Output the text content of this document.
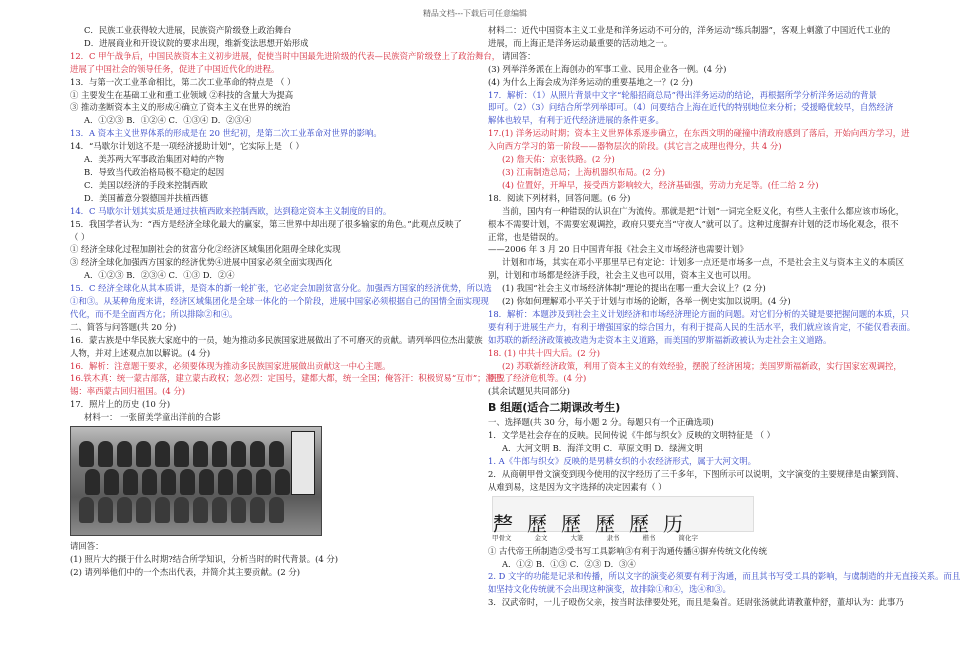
精品文档---下载后可任意编辑
C．民族工业获得较大进展，民族资产阶级登上政治舞台
D．进展商业和开设议院的要求出现，维新变法思想开始形成
12．C 甲午战争后，中国民族资本主义初步进展，促使当时中国最先进阶级的代表—民族资产阶级登上了政治舞台，
进展了中国社会的领导任务，促进了中国近代化的进程。
13．与第一次工业革命相比，第二次工业革命的特点是 （ ）
① 主要发生在基础工业和重工业领域 ②科技的含量大为提高
③ 推动垄断资本主义的形成④确立了资本主义在世界的统治
A．①②③ B．①②④ C．①③④ D．②③④
13．A 资本主义世界体系的形成是在 20 世纪初，是第二次工业革命对世界的影响。
14．“马歇尔计划这不是一项经济援助计划”，它实际上是 （ ）
A．美苏两大军事政治集团对峙的产物
B．导致当代政治格局极不稳定的起因
C．美国以经济的手段来控制西欧
D．美国蓄意分裂德国并扶植西德
14．C 马歇尔计划其实质是通过扶植西欧来控制西欧，达到稳定资本主义制度的目的。
15．我国学者认为：“西方是经济全球化最大的赢家，第三世界中却出现了很多输家的角色。”此观点反映了
（ ）
① 经济全球化过程加剧社会的贫富分化②经济区域集团化阻碍全球化实现
③ 经济全球化加强西方国家的经济优势④进展中国家必须全面实现西化
A．①②③ B．②③④ C．①③ D．②④
15．C 经济全球化从其本质讲，是资本的新一轮扩张，它必定会加剧贫富分化。加强西方国家的经济优势，所以选
①和③。从某种角度来讲，经济区域集团化是全球一体化的一个阶段，进展中国家必须根据自己的国情全面实现现
代化，而不是全面西方化；所以排除②和④。
二、简答与问答题(共 20 分)
16．蒙古族是中华民族大家庭中的一员，她为推动多民族国家进展做出了不可磨灭的贡献。请列举四位杰出蒙族
人物，并对上述观点加以解说。(4 分)
16．解析：注意题干要求，必须要体现为推动多民族国家进展做出贡献这一中心主题。
16.铁木真：统一蒙古部落，建立蒙古政权；忽必烈：定国号，建都大都，统一全国；俺答汗：积极贸易“互市”；渥巴
锡：率西蒙古回归祖国。(4 分)
17．照片上的历史 (10 分)
材料一： 一张留美学童出洋前的合影
请回答：
(1) 照片大约摄于什么时期?结合所学知识，分析当时的时代背景。(4 分)
(2) 请列举他们中的一个杰出代表，并简介其主要贡献。(2 分)
材料二：近代中国资本主义工业是和洋务运动不可分的，洋务运动“练兵制器”，客观上刺激了中国近代工业的
进展，而上海正是洋务运动最重要的活动地之一。
请回答：
(3) 列举洋务派在上海创办的军事工业、民用企业各一例。(4 分)
(4) 为什么上海会成为洋务运动的重要基地之一？(2 分)
17．解析：（1）从照片背景中文字“轮船招商总局”得出洋务运动的结论，再根据所学分析洋务运动的背景
即可。（2）（3）问结合所学列举即可。（4）问要结合上海在近代的特别地位来分析；受援略优较早，自然经济
解体也较早，有利于近代经济进展的条件更多。
17.(1) 洋务运动时期；资本主义世界体系逐步确立，在东西文明的碰撞中清政府感到了落后，开始向西方学习，进
入向西方学习的第一阶段——器物层次的阶段。(其它言之成理也得分，共 4 分)
(2) 詹天佑：京张铁路。(2 分)
(3) 江南制造总局；上海机器织布局。(2 分)
(4) 位置好，开埠早，接受西方影响较大，经济基础强，劳动力充足等。(任二给 2 分)
18．阅读下列材料，回答问题。(6 分)
当前，国内有一种错误的认识在广为流传。那就是把“计划”一词完全贬义化，有些人主张什么都应该市场化，
根本不需要计划，不需要宏观调控，政府只要充当“守夜人”就可以了。这种过度摒弃计划的泛市场化观念，很不
正常，也是错误的。
——2006 年 3 月 20 日中国青年报《社会主义市场经济也需要计划》
计划和市场，其实在邓小平那里早已有定论：计划多一点还是市场多一点，不是社会主义与资本主义的本质区
别，计划和市场都是经济手段，社会主义也可以用，资本主义也可以用。
(1) 我国“社会主义市场经济体制”理论的提出在哪一重大会议上？(2 分)
(2) 你如何理解邓小平关于计划与市场的论断，各举一例史实加以说明。(4 分)
18．解析：本题涉及到社会主义计划经济和市场经济理论方面的问题。对它们分析的关键是要把握问题的本质，只
要有利于进展生产力，有利于增强国家的综合国力，有利于提高人民的生活水平，我们就应该肯定，不能仅看表面。
如苏联的新经济政策被改造为走资本主义道路，而美国的罗斯福新政被认为走社会主义道路。
18. (1) 中共十四大后。(2 分)
(2) 苏联新经济政策，利用了资本主义的有效经验，摆脱了经济困境；美国罗斯福新政，实行国家宏观调控，
摆脱了经济危机等。(4 分)
(其余试题见共同部分)
B 组题(适合二期课改考生)
一、选择题(共 30 分，每小题 2 分。每题只有一个正确选项)
1．文学是社会存在的反映。民间传说《牛郎与织女》反映的文明特征是 （ ）
A．大河文明 B．海洋文明 C．草原文明 D．绿洲文明
1. A《牛郎与织女》反映的是男耕女织的小农经济形式，属于大河文明。
2．从商朝甲骨文演变到现今使用的汉字经历了三千多年，下图所示可以说明，文字演变的主要规律是由繁到简、
从难到易，这是因为文字选择的决定因素有（ ）
𠩺 歷 歷 歷 歷 历
甲骨文	金文	大篆	隶书	楷书	简化字
① 古代帝王所制造②受书写工具影响③有利于沟通传播④摒弃传统文化传统
A．①② B．①③ C．②③ D．③④
2. D 文字的功能是记录和传播，所以文字的演变必须要有利于沟通，而且其书写受工具的影响，与虞制造的并无直接关系。而且
如坚持文化传统就不会出现这种演变，故排除①和④，选④和③。
3．汉武帝时，一儿子殴伤父亲，按当时法律要处死，而且是枭首。廷尉张汤就此请教董仲舒，董却认为：此事乃
